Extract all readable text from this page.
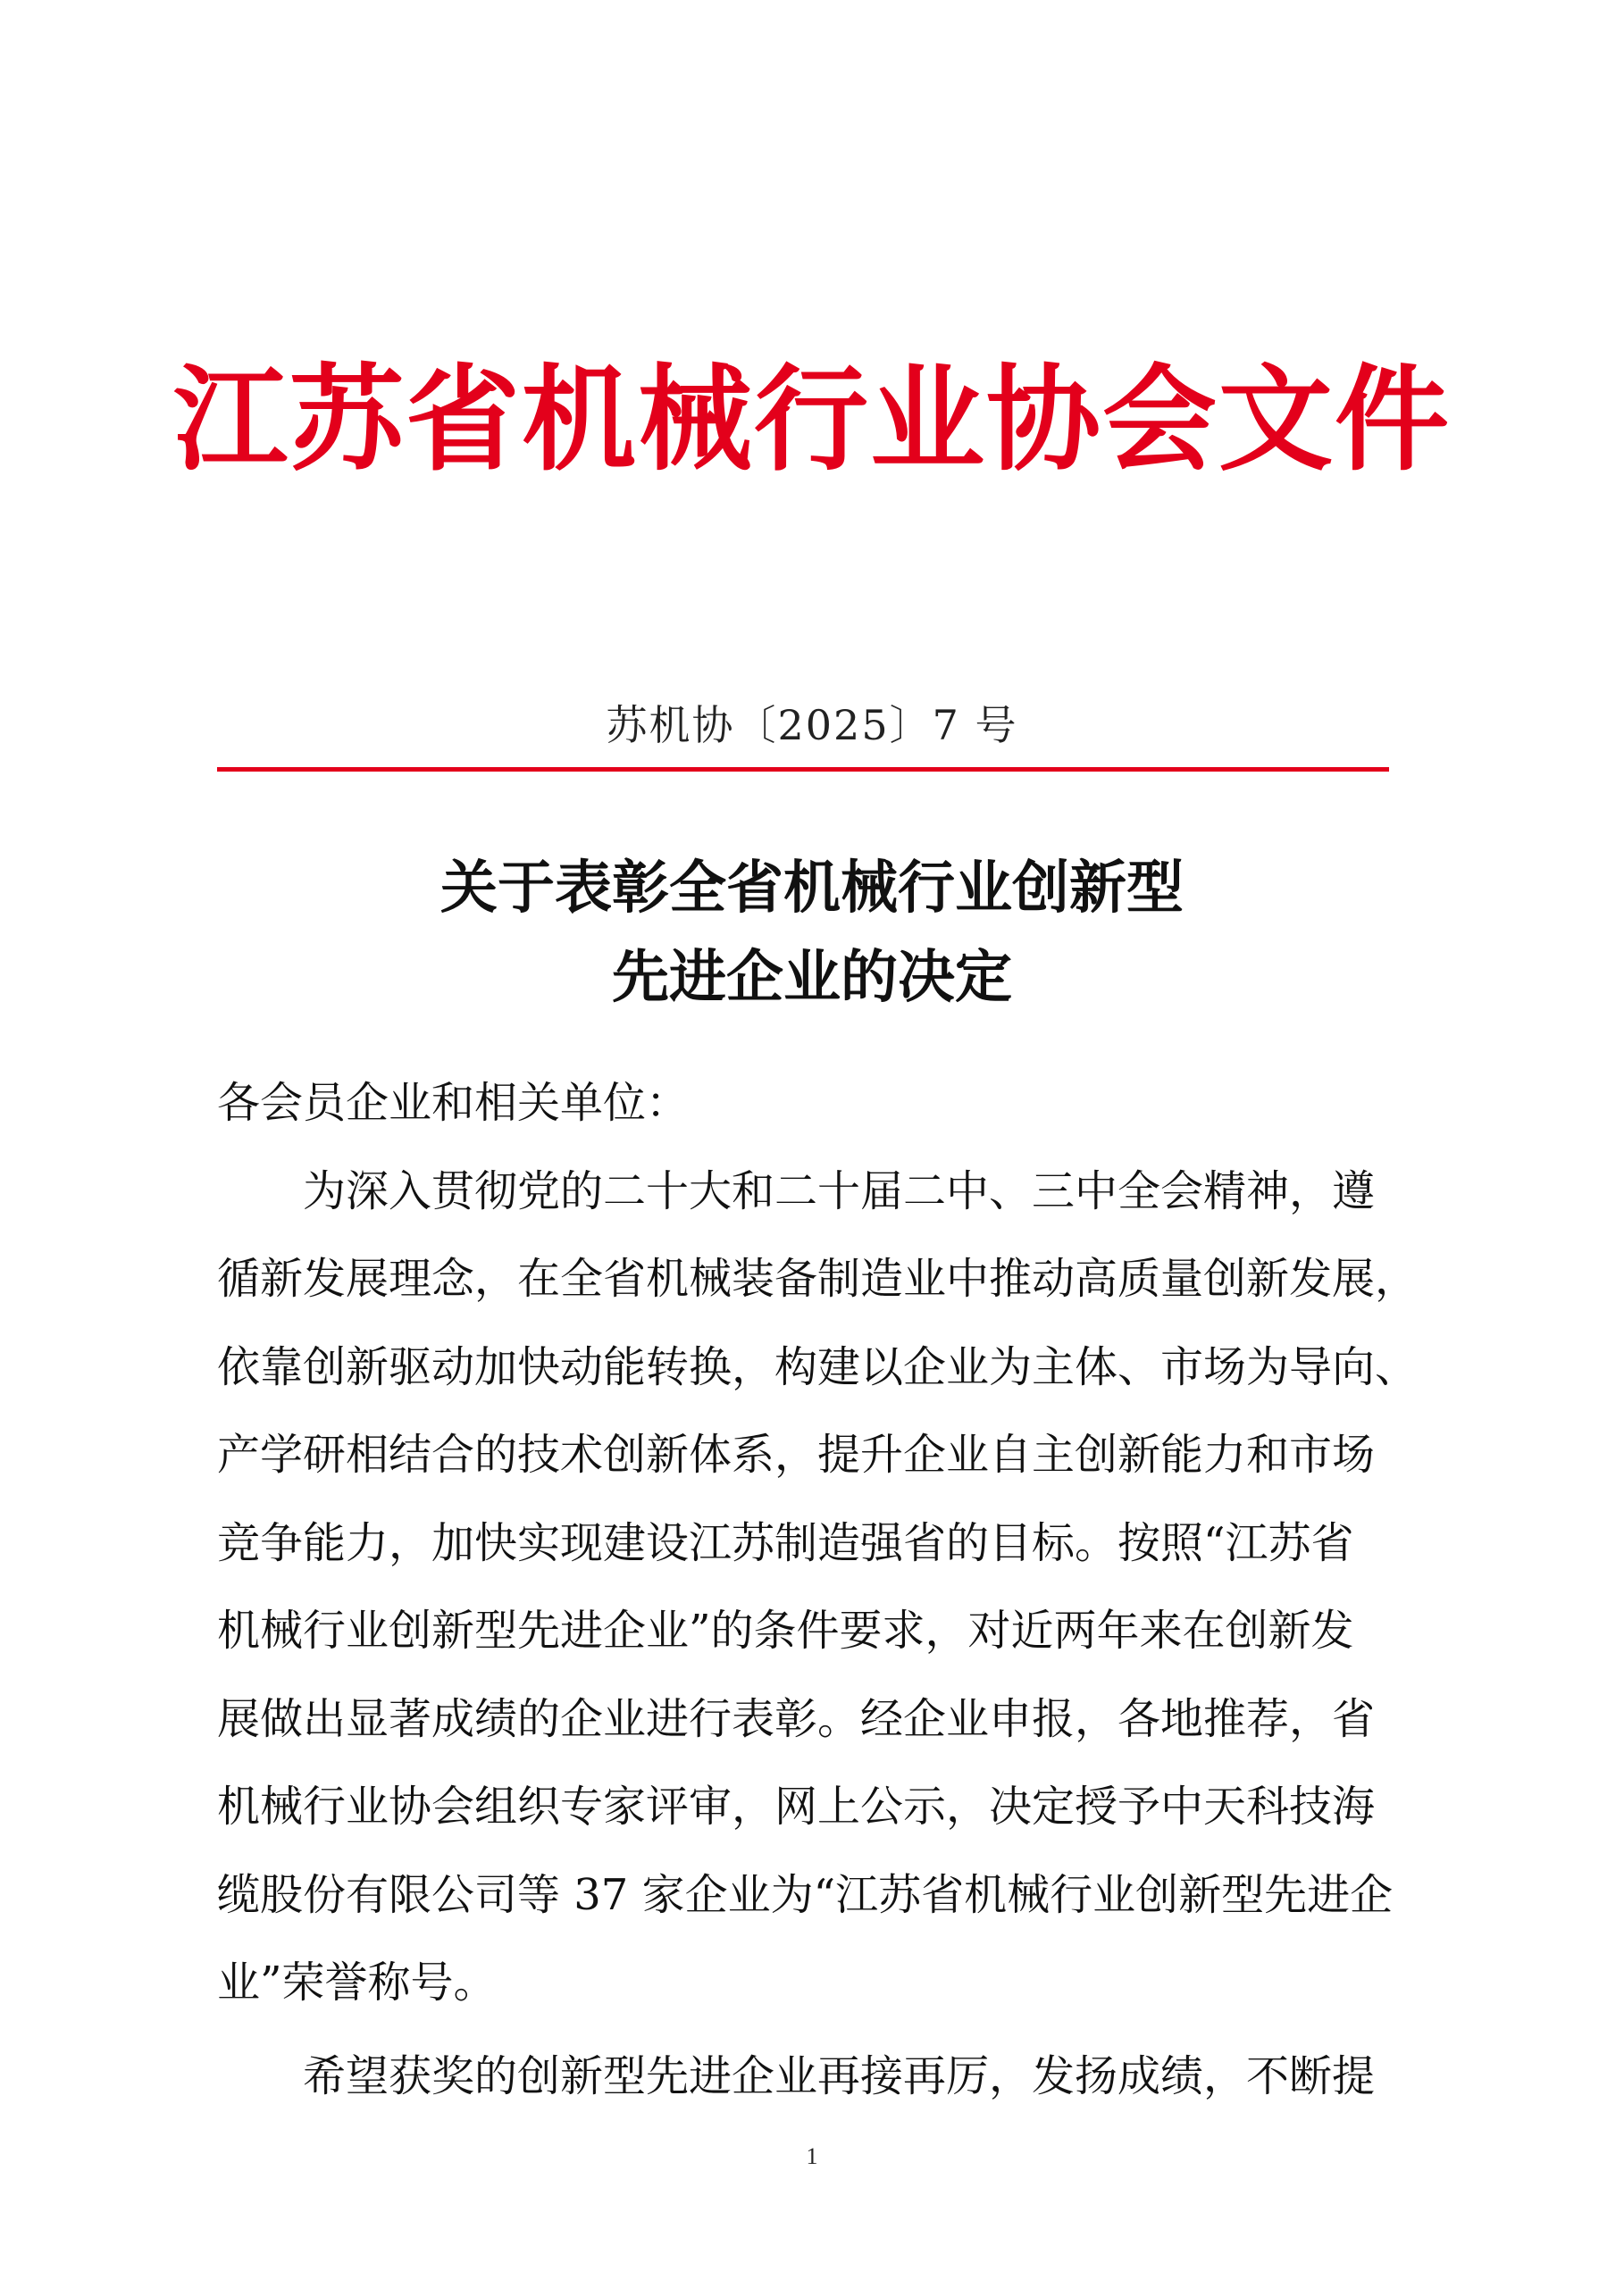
江苏省机械行业协会文件
苏机协〔2025〕7 号
关于表彰全省机械行业创新型
先进企业的决定
各会员企业和相关单位：
　　为深入贯彻党的二十大和二十届二中、三中全会精神，遵
循新发展理念，在全省机械装备制造业中推动高质量创新发展，
依靠创新驱动加快动能转换，构建以企业为主体、市场为导向、
产学研相结合的技术创新体系，提升企业自主创新能力和市场
竞争能力，加快实现建设江苏制造强省的目标。按照“江苏省
机械行业创新型先进企业”的条件要求，对近两年来在创新发
展做出显著成绩的企业进行表彰。经企业申报，各地推荐，省
机械行业协会组织专家评审，网上公示，决定授予中天科技海
缆股份有限公司等 37 家企业为“江苏省机械行业创新型先进企
业”荣誉称号。
　　希望获奖的创新型先进企业再接再厉，发扬成绩，不断提
1
